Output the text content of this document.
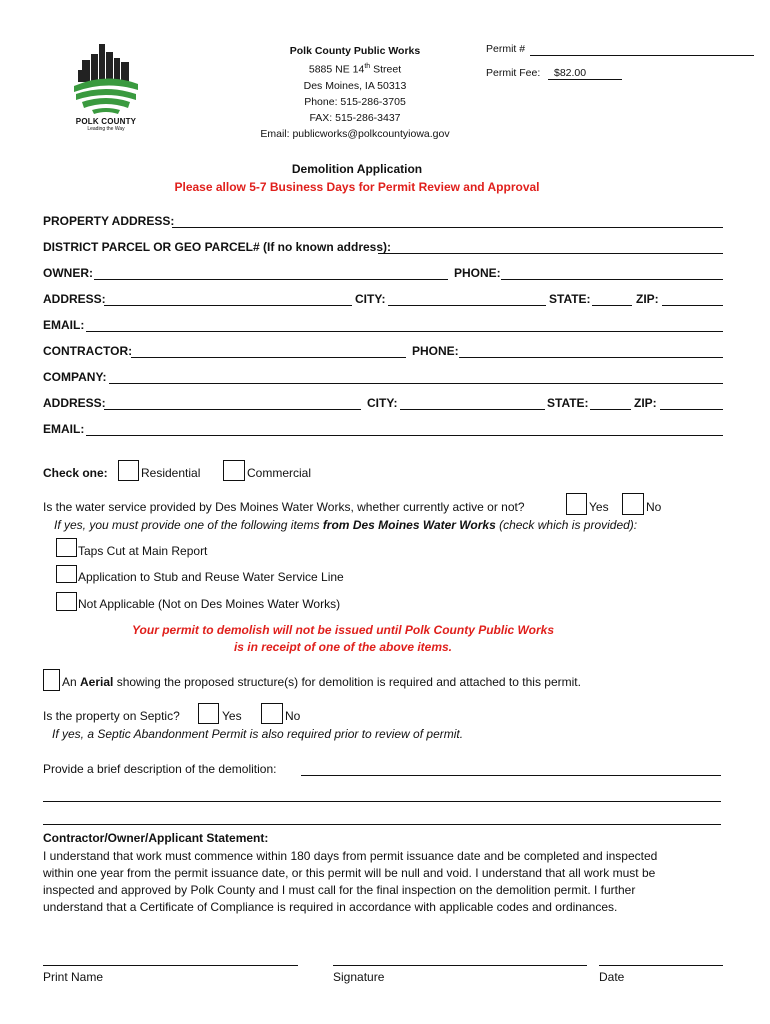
POLK COUNTY
Leading the Way
Polk County Public Works
5885 NE 14th Street
Des Moines, IA 50313
Phone: 515-286-3705
FAX: 515-286-3437
Email: publicworks@polkcountyiowa.gov
Permit #
Permit Fee:	$82.00
Demolition Application
Please allow 5-7 Business Days for Permit Review and Approval
PROPERTY ADDRESS:
DISTRICT PARCEL OR GEO PARCEL# (If no known address):
OWNER:	PHONE:
ADDRESS:	CITY:	STATE:	ZIP:
EMAIL:
CONTRACTOR:	PHONE:
COMPANY:
ADDRESS:	CITY:	STATE:	ZIP:
EMAIL:
Check one:	Residential	Commercial
Is the water service provided by Des Moines Water Works, whether currently active or not?	Yes	No
If yes, you must provide one of the following items from Des Moines Water Works (check which is provided):
Taps Cut at Main Report
Application to Stub and Reuse Water Service Line
Not Applicable (Not on Des Moines Water Works)
Your permit to demolish will not be issued until Polk County Public Works
is in receipt of one of the above items.
An Aerial showing the proposed structure(s) for demolition is required and attached to this permit.
Is the property on Septic?	Yes	No
If yes, a Septic Abandonment Permit is also required prior to review of permit.
Provide a brief description of the demolition:
Contractor/Owner/Applicant Statement:
I understand that work must commence within 180 days from permit issuance date and be completed and inspected
within one year from the permit issuance date, or this permit will be null and void. I understand that all work must be
inspected and approved by Polk County and I must call for the final inspection on the demolition permit. I further
understand that a Certificate of Compliance is required in accordance with applicable codes and ordinances.
Print Name	Signature	Date
